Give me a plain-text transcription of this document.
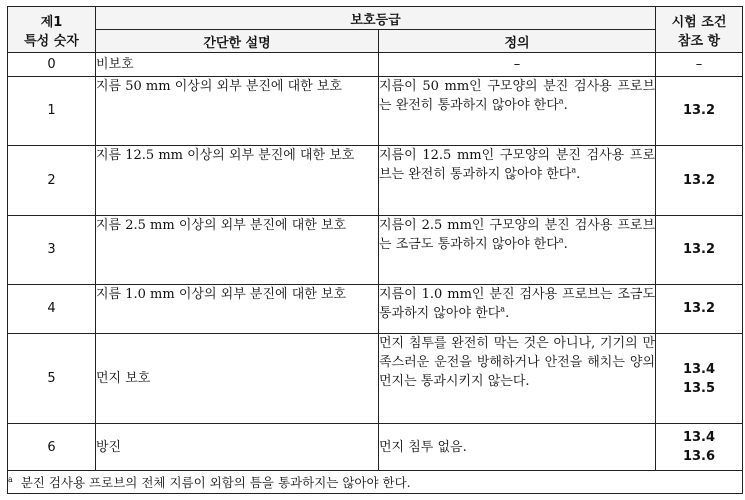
제1
특성 숫자	보호등급		시험 조건
참조 항

	간단한 설명	정의	
0	비보호	–	–
1	지름 50 mm 이상의 외부 분진에 대한 보호	지름이 50 mm인 구모양의 분진 검사용 프로브는 완전히 통과하지 않아야 한다$^a$.	13.2
2	지름 12.5 mm 이상의 외부 분진에 대한 보호	지름이 12.5 mm인 구모양의 분진 검사용 프로브는 완전히 통과하지 않아야 한다$^a$.	13.2
3	지름 2.5 mm 이상의 외부 분진에 대한 보호	지름이 2.5 mm인 구모양의 분진 검사용 프로브는 조금도 통과하지 않아야 한다$^a$.	13.2
4	지름 1.0 mm 이상의 외부 분진에 대한 보호	지름이 1.0 mm인 분진 검사용 프로브는 조금도 통과하지 않아야 한다$^a$.	13.2
5	먼지 보호	먼지 침투를 완전히 막는 것은 아니나, 기기의 만족스러운 운전을 방해하거나 안전을 해치는 양의 먼지는 통과시키지 않는다.	13.4
13.5

6	방진	먼지 침투 없음.	13.4
13.6

$^a$ 분진 검사용 프로브의 전체 지름이 외함의 틈을 통과하지는 않아야 한다.			
